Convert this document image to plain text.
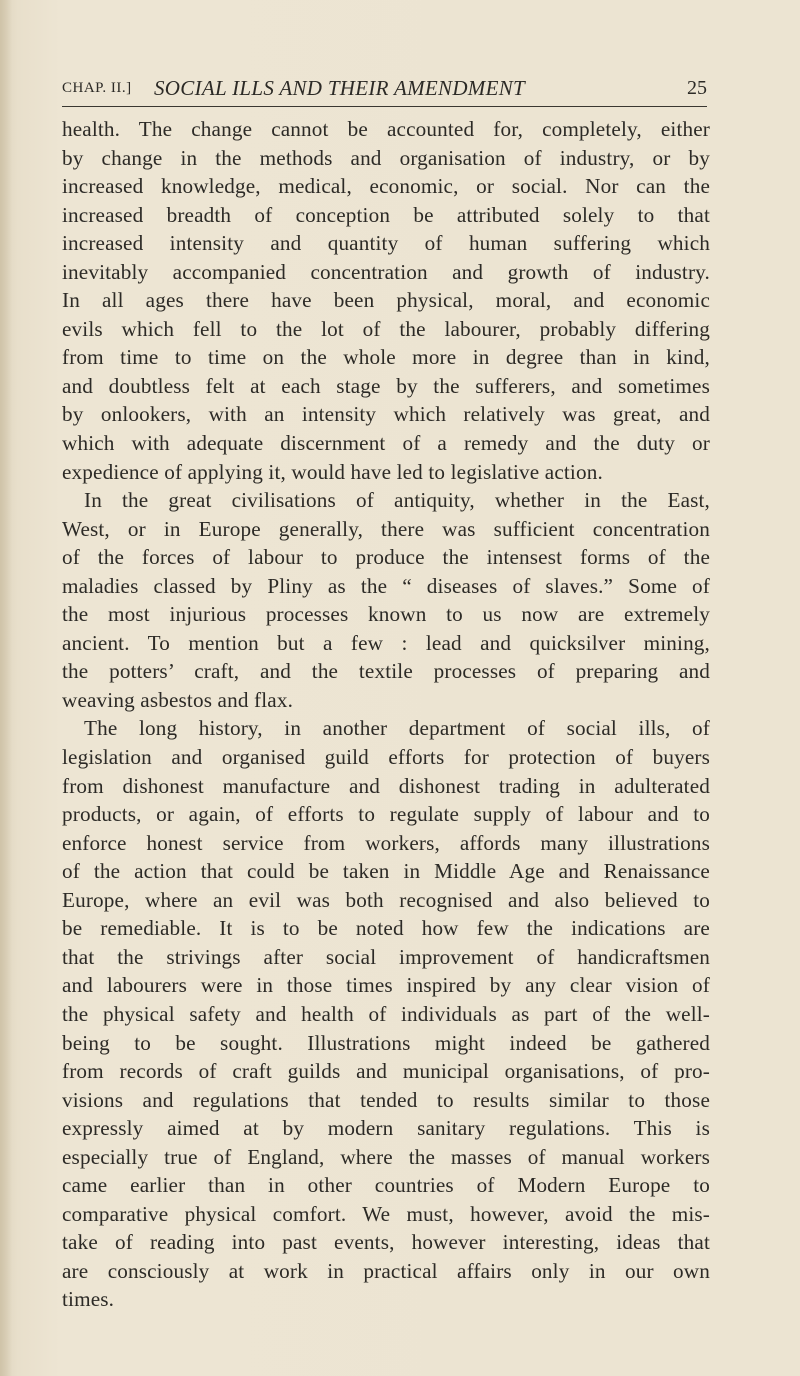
CHAP. II.] SOCIAL ILLS AND THEIR AMENDMENT	25

health. The change cannot be accounted for, completely, either

by change in the methods and organisation of industry, or by

increased knowledge, medical, economic, or social. Nor can the

increased breadth of conception be attributed solely to that

increased intensity and quantity of human suffering which

inevitably accompanied concentration and growth of industry.

In all ages there have been physical, moral, and economic

evils which fell to the lot of the labourer, probably differing

from time to time on the whole more in degree than in kind,

and doubtless felt at each stage by the sufferers, and sometimes

by onlookers, with an intensity which relatively was great, and

which with adequate discernment of a remedy and the duty or

expedience of applying it, would have led to legislative action.

In the great civilisations of antiquity, whether in the East,

West, or in Europe generally, there was sufficient concentration

of the forces of labour to produce the intensest forms of the

maladies classed by Pliny as the “ diseases of slaves.” Some of

the most injurious processes known to us now are extremely

ancient. To mention but a few : lead and quicksilver mining,

the potters’ craft, and the textile processes of preparing and

weaving asbestos and flax.

The long history, in another department of social ills, of

legislation and organised guild efforts for protection of buyers

from dishonest manufacture and dishonest trading in adulterated

products, or again, of efforts to regulate supply of labour and to

enforce honest service from workers, affords many illustrations

of the action that could be taken in Middle Age and Renaissance

Europe, where an evil was both recognised and also believed to

be remediable. It is to be noted how few the indications are

that the strivings after social improvement of handicraftsmen

and labourers were in those times inspired by any clear vision of

the physical safety and health of individuals as part of the well-

being to be sought. Illustrations might indeed be gathered

from records of craft guilds and municipal organisations, of pro-

visions and regulations that tended to results similar to those

expressly aimed at by modern sanitary regulations. This is

especially true of England, where the masses of manual workers

came earlier than in other countries of Modern Europe to

comparative physical comfort. We must, however, avoid the mis-

take of reading into past events, however interesting, ideas that

are consciously at work in practical affairs only in our own

times.
